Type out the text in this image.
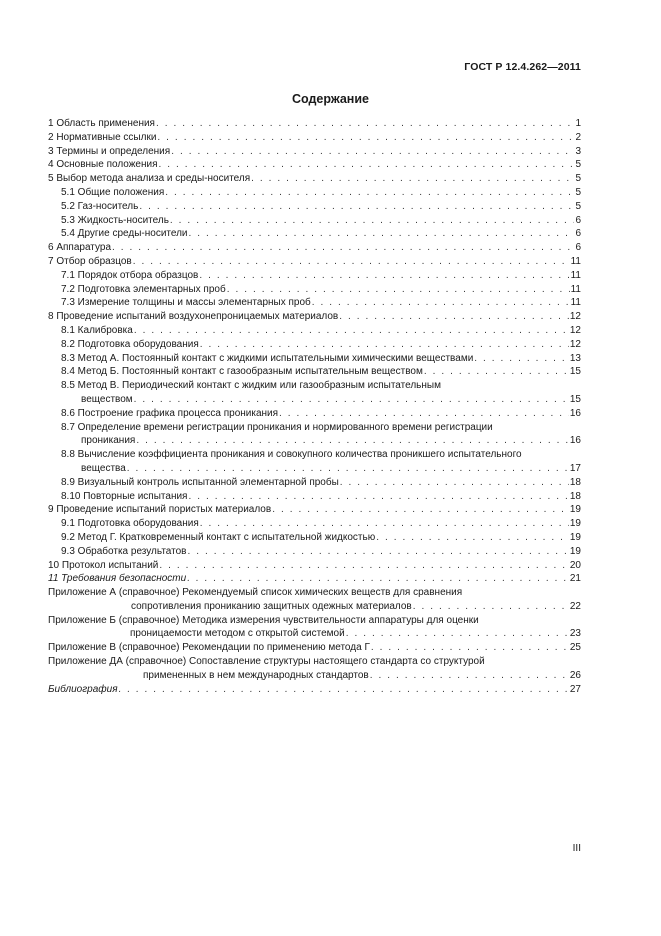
ГОСТ Р 12.4.262—2011
Содержание
1 Область применения . . .	1
2 Нормативные ссылки . . .	2
3 Термины и определения . . .	3
4 Основные положения . . .	5
5 Выбор метода анализа и среды-носителя . . .	5
5.1 Общие положения . . .	5
5.2 Газ-носитель . . .	5
5.3 Жидкость-носитель . . .	6
5.4 Другие среды-носители . . .	6
6 Аппаратура . . .	6
7 Отбор образцов . . .	11
7.1 Порядок отбора образцов . . .	11
7.2 Подготовка элементарных проб . . .	11
7.3 Измерение толщины и массы элементарных проб . . .	11
8 Проведение испытаний воздухонепроницаемых материалов . . .	12
8.1 Калибровка . . .	12
8.2 Подготовка оборудования . . .	12
8.3 Метод А. Постоянный контакт с жидкими испытательными химическими веществами . . .	13
8.4 Метод Б. Постоянный контакт с газообразным испытательным веществом . . .	15
8.5 Метод В. Периодический контакт с жидким или газообразным испытательным
веществом . . .	15
8.6 Построение графика процесса проникания . . .	16
8.7 Определение времени регистрации проникания и нормированного времени регистрации
проникания . . .	16
8.8 Вычисление коэффициента проникания и совокупного количества проникшего испытательного
вещества . . .	17
8.9 Визуальный контроль испытанной элементарной пробы . . .	18
8.10 Повторные испытания . . .	18
9 Проведение испытаний пористых материалов . . .	19
9.1 Подготовка оборудования . . .	19
9.2 Метод Г. Кратковременный контакт с испытательной жидкостью . . .	19
9.3 Обработка результатов . . .	19
10 Протокол испытаний . . .	20
11 Требования безопасности . . .	21
Приложение А (справочное) Рекомендуемый список химических веществ для сравнения
сопротивления прониканию защитных одежных материалов . . .	22
Приложение Б (справочное) Методика измерения чувствительности аппаратуры для оценки
проницаемости методом с открытой системой . . .	23
Приложение В (справочное) Рекомендации по применению метода Г . . .	25
Приложение ДА (справочное) Сопоставление структуры настоящего стандарта со структурой
примененных в нем международных стандартов . . .	26
Библиография . . .	27
III
